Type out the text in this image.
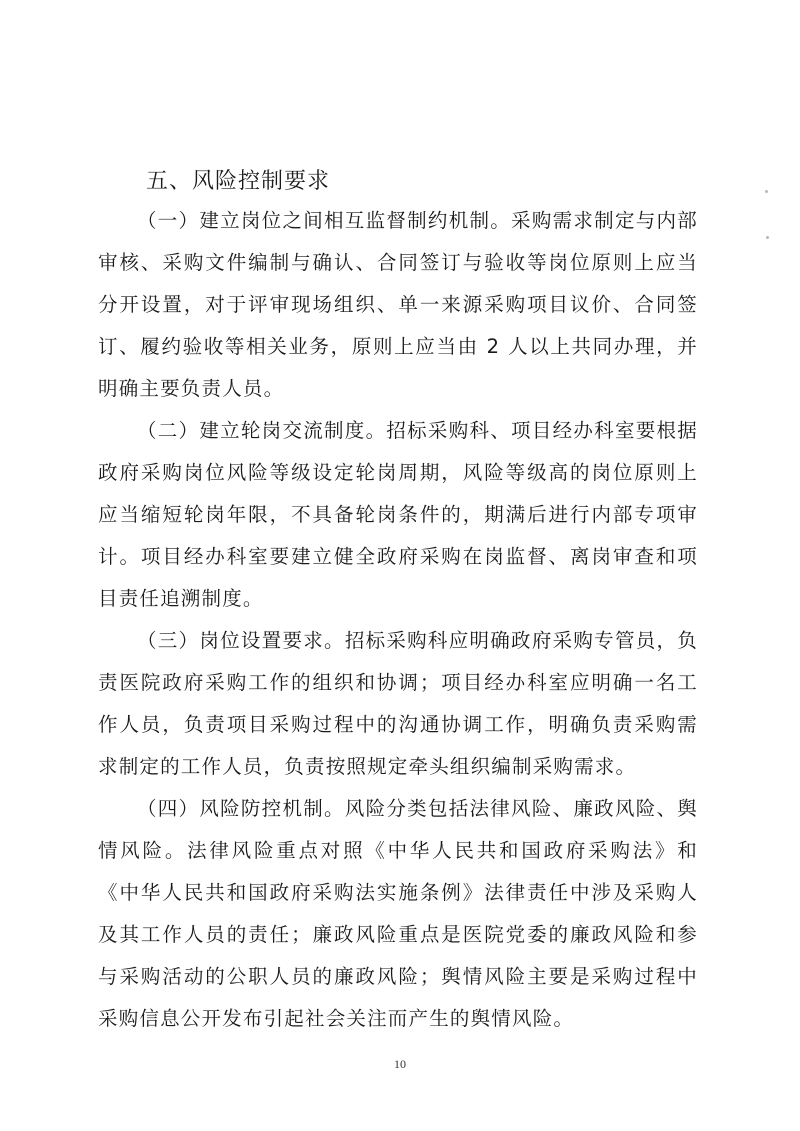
五、风险控制要求

（一）建立岗位之间相互监督制约机制。采购需求制定与内部审核、采购文件编制与确认、合同签订与验收等岗位原则上应当分开设置，对于评审现场组织、单一来源采购项目议价、合同签订、履约验收等相关业务，原则上应当由 2 人以上共同办理，并明确主要负责人员。

（二）建立轮岗交流制度。招标采购科、项目经办科室要根据政府采购岗位风险等级设定轮岗周期，风险等级高的岗位原则上应当缩短轮岗年限，不具备轮岗条件的，期满后进行内部专项审计。项目经办科室要建立健全政府采购在岗监督、离岗审查和项目责任追溯制度。

（三）岗位设置要求。招标采购科应明确政府采购专管员，负责医院政府采购工作的组织和协调；项目经办科室应明确一名工作人员，负责项目采购过程中的沟通协调工作，明确负责采购需求制定的工作人员，负责按照规定牵头组织编制采购需求。

（四）风险防控机制。风险分类包括法律风险、廉政风险、舆情风险。法律风险重点对照《中华人民共和国政府采购法》和《中华人民共和国政府采购法实施条例》法律责任中涉及采购人及其工作人员的责任；廉政风险重点是医院党委的廉政风险和参与采购活动的公职人员的廉政风险；舆情风险主要是采购过程中采购信息公开发布引起社会关注而产生的舆情风险。

10
